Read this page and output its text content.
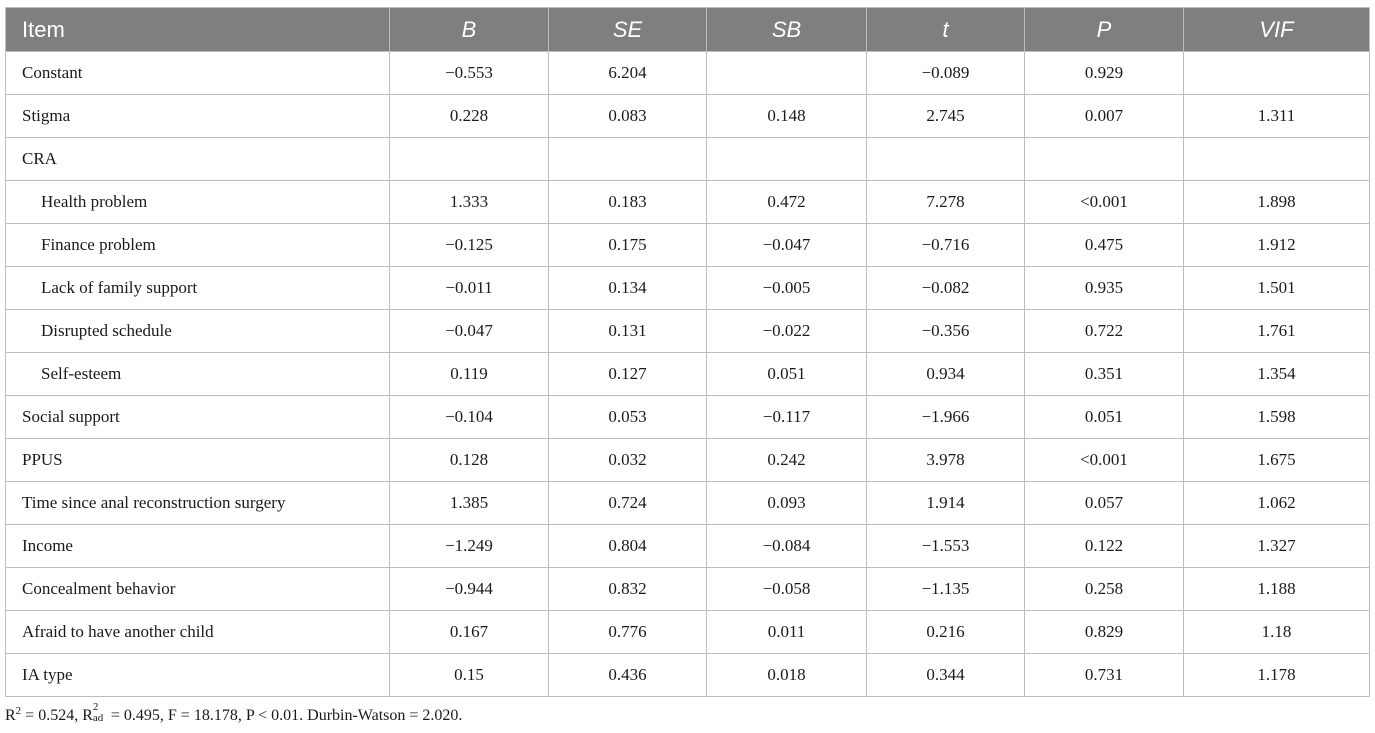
Item	B	SE	SB	t	P	VIF
Constant	−0.553	6.204		−0.089	0.929	
Stigma	0.228	0.083	0.148	2.745	0.007	1.311
CRA						
Health problem	1.333	0.183	0.472	7.278	<0.001	1.898
Finance problem	−0.125	0.175	−0.047	−0.716	0.475	1.912
Lack of family support	−0.011	0.134	−0.005	−0.082	0.935	1.501
Disrupted schedule	−0.047	0.131	−0.022	−0.356	0.722	1.761
Self-esteem	0.119	0.127	0.051	0.934	0.351	1.354
Social support	−0.104	0.053	−0.117	−1.966	0.051	1.598
PPUS	0.128	0.032	0.242	3.978	<0.001	1.675
Time since anal reconstruction surgery	1.385	0.724	0.093	1.914	0.057	1.062
Income	−1.249	0.804	−0.084	−1.553	0.122	1.327
Concealment behavior	−0.944	0.832	−0.058	−1.135	0.258	1.188
Afraid to have another child	0.167	0.776	0.011	0.216	0.829	1.18
IA type	0.15	0.436	0.018	0.344	0.731	1.178
$R^2 = 0.524$, R 2
ad = 0.495, F = 18.178, P < 0.01. Durbin-Watson = 2.020.
